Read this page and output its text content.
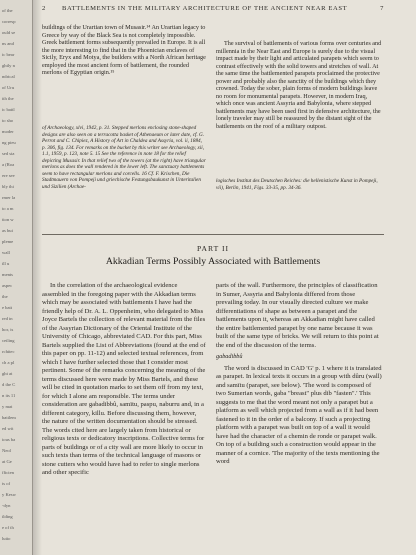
of the
corresp
ould se
ns and
ic bear
ghtly n
ndrical
of Uru
ith the
ic battl
to sho
moder
ng pieu
sed sta
a (Roa
ere see
bly thi
rmer la
to a m
tion w
as bui
pleme
wall
ill u
ments
aspec
the
e batt
red in
hor, is
ceiling
rchitec
ch a pl
ght at
d the C
n its 11
y mat
battlem
ed wit
ious ba
Neol
at Ge
fficien
ts of
y Kesw
-dyn
ilding
e of th
lutio
2 BATTLEMENTS IN THE MILITARY ARCHITECTURE OF THE ANCIENT NEAR EAST	7

buildings of the Urartian town of Musasir.¹⁴ An Urartian legacy to Greece by way of the Black Sea is not completely impossible. Greek battlement forms subsequently prevailed in Europe. It is all the more interesting to find that in the Phoenician enclaves of Sicily, Eryx and Motya, the builders with a North African heritage employed the most ancient form of battlement, the rounded merlons of Egyptian origin.¹⁵

of Archaeology, xlvi, 1942, p. 31. Stepped merlons enclosing stone-shaped designs are also seen on a terracotta basket of Athenaeum or later date, cf. G. Perrot and C. Chipiez, A History of Art in Chaldea and Assyria, vol. ii, 1884, p. 306, fig. 134. For remarks on the bucket by this writer see Archaeology, xii, 1.1, 1959, p. 123, note 5. 15 See the reference in note 18 for the relief depicting Musasir. In that relief two of the towers (at the right) have triangular merlons as does the wall rendered in the lower left. The sanctuary battlements seem to have rectangular merlons and corcells. 16 Cf. F. Krischen, Die Stadtmauern von Pompeji und griechische Festungsbaukunst in Unteritalien und Sizilien (Archae-

The survival of battlements of various forms over centuries and millennia in the Near East and Europe is surely due to the visual impact made by their light and articulated parapets which seem to contrast effectively with the solid towers and stretches of wall. At the same time the battlemented parapets proclaimed the protective power and probably also the sanctity of the buildings which they crowned. Today the sober, plain forms of modern buildings leave no room for monumental parapets. However, in modern Iraq, which once was ancient Assyria and Babylonia, where stepped battlements may have been used first in defensive architecture, the lonely traveler may still be reassured by the distant sight of the battlements on the roof of a military outpost.

logisches Institut des Deutschen Reiches: die hellenistische Kunst in Pompeji, vii), Berlin, 1941, Figs. 33-35, pp. 34-36.

PART II
Akkadian Terms Possibly Associated with Battlements

In the correlation of the archaeological evidence assembled in the foregoing paper with the Akkadian terms which may be associated with battlements I have had the friendly help of Dr. A. L. Oppenheim, who delegated to Miss Joyce Bartels the collection of relevant material from the files of the Assyrian Dictionary of the Oriental Institute of the University of Chicago, abbreviated CAD. For this part, Miss Bartels supplied the List of Abbreviations (found at the end of this paper on pp. 11-12) and selected textual references, from which I have further selected those that I consider most pertinent. Some of the remarks concerning the meaning of the terms discussed here were made by Miss Bartels, and these will be cited in quotation marks to set them off from my text, for which I alone am responsible. The terms under consideration are gabadibbû, samītu, paspu, naburru and, in a different category, killu. Before discussing them, however, the nature of the written documentation should be stressed. The words cited here are largely taken from historical or religious texts or dedicatory inscriptions. Collective terms for parts of buildings or of a city wall are more likely to occur in such texts than terms of the technical language of masons or stone cutters who would have had to refer to single merlons and other specific

parts of the wall. Furthermore, the principles of classification in Sumer, Assyria and Babylonia differed from those prevailing today. In our visually directed culture we make differentiations of shape as between a parapet and the battlements upon it, whereas an Akkadian might have called the entire battlemented parapet by one name because it was built of the same type of bricks. We will return to this point at the end of the discussion of the terms.

gabadibbû

The word is discussed in CAD 'G' p. 1 where it is translated as parapet. In lexical texts it occurs in a group with dûru (wall) and samītu (parapet, see below). 'The word is composed of two Sumerian words, gaba "breast" plus dib "fasten".' This suggests to me that the word meant not only a parapet but a platform as well which projected from a wall as if it had been fastened to it in the order of a balcony. If such a projecting platform with a parapet was built on top of a wall it would have had the character of a chemin de ronde or parapet walk. On top of a building such a construction would appear in the manner of a cornice. 'The majority of the texts mentioning the word
